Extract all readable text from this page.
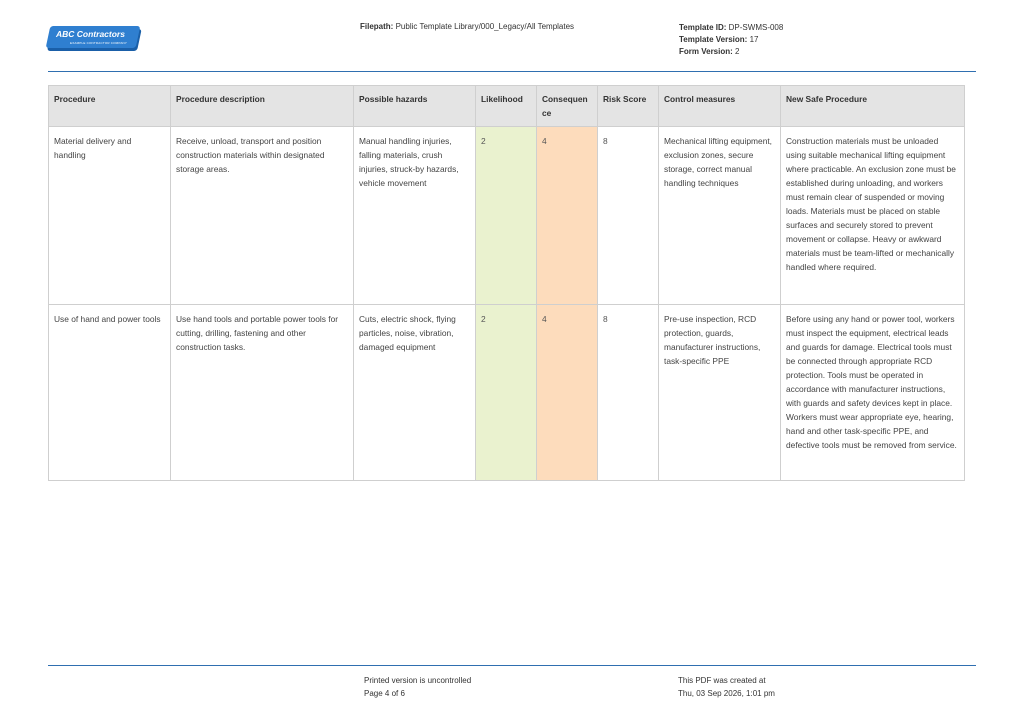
ABC Contractors
EXAMPLE CONTRACTOR COMPANY
Filepath: Public Template Library/000_Legacy/All Templates	Template ID: DP-SWMS-008
Template Version: 17
Form Version: 2
Procedure	Procedure description	Possible hazards	Likelihood	Consequence	Risk Score	Control measures	New Safe Procedure
Material delivery and handling	Receive, unload, transport and position construction materials within designated storage areas.	Manual handling injuries, falling materials, crush injuries, struck-by hazards, vehicle movement	2	4	8	Mechanical lifting equipment, exclusion zones, secure storage, correct manual handling techniques	Construction materials must be unloaded using suitable mechanical lifting equipment where practicable. An exclusion zone must be established during unloading, and workers must remain clear of suspended or moving loads. Materials must be placed on stable surfaces and securely stored to prevent movement or collapse. Heavy or awkward materials must be team-lifted or mechanically handled where required.
Use of hand and power tools	Use hand tools and portable power tools for cutting, drilling, fastening and other construction tasks.	Cuts, electric shock, flying particles, noise, vibration, damaged equipment	2	4	8	Pre-use inspection, RCD protection, guards, manufacturer instructions, task-specific PPE	Before using any hand or power tool, workers must inspect the equipment, electrical leads and guards for damage. Electrical tools must be connected through appropriate RCD protection. Tools must be operated in accordance with manufacturer instructions, with guards and safety devices kept in place. Workers must wear appropriate eye, hearing, hand and other task-specific PPE, and defective tools must be removed from service.
Printed version is uncontrolled
Page 4 of 6
This PDF was created at
Thu, 03 Sep 2026, 1:01 pm
